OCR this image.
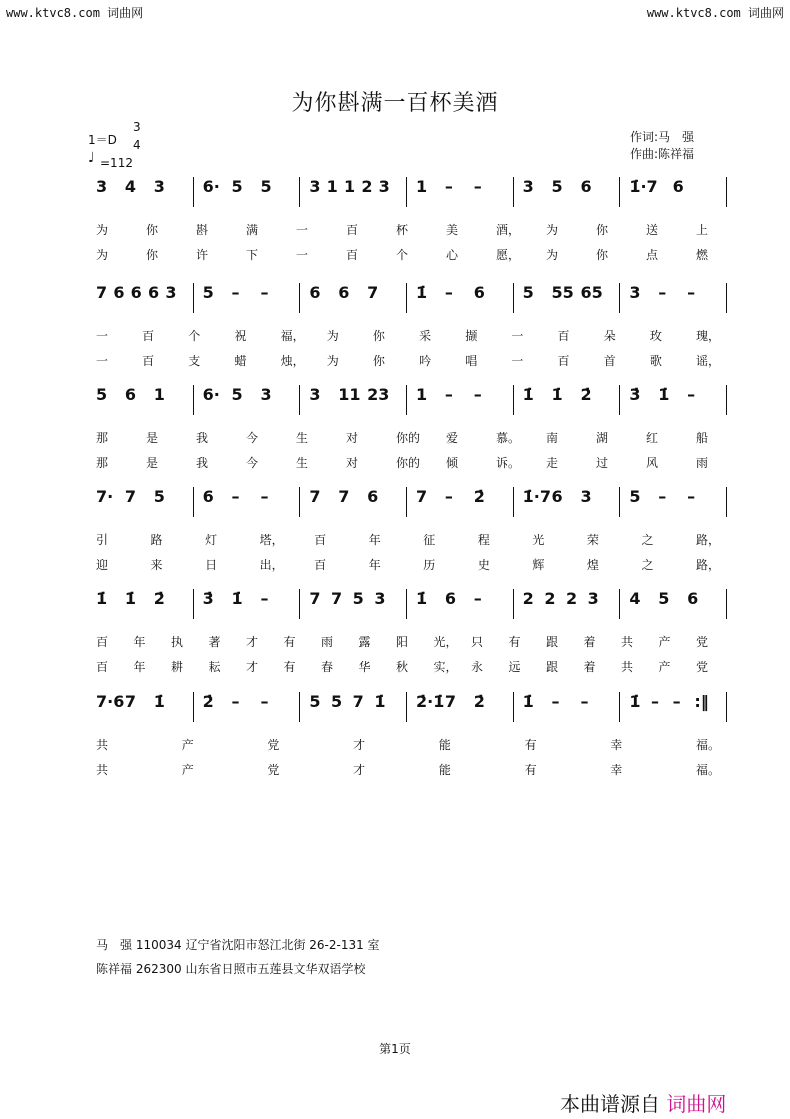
www.ktvc8.com 词曲网	www.ktvc8.com 词曲网
为你斟满一百杯美酒
1＝D
3
4
♩ =112
作词:马　强
作曲:陈祥福
3 4 3 6· 5 5 3 1 1 2 3 1 – –	3 5 6 1̇·7 6
为	你	斟	满	一	百	杯	美	酒， 为	你	送	上
为	你	许	下	一	百	个	心	愿， 为	你	点	燃
7 6 6 6 3 5 – –	6 6 7 1̇ – 6 5 55 65 3 – –
一	百	个	祝	福， 为	你	采	撷	一	百	朵	玫	瑰，
一	百	支	蜡	烛， 为	你	吟	唱	一	百	首	歌	谣，
5 6 1 6· 5 3 3 11 23 1 – –	1̇ 1̇ 2̇ 3̇ 1̇ –
那	是	我	今	生	对	你的 爱	慕。 南	湖	红	船
那	是	我	今	生	对	你的 倾	诉。 走	过	风	雨
7· 7 5 6 – –	7 7 6 7 – 2̇ 1̇·7 6 3 5 – –
引	路	灯	塔，	百	年	征	程	光	荣	之	路，
迎	来	日	出，	百	年	历	史	辉	煌	之	路，
1̇ 1̇ 2̇ 3̇ 1̇ –	7 7 5 3 1̇ 6 –	2 2 2 3 4 5 6
百 年 执 著 才 有 雨 露 阳 光， 只 有 跟 着 共 产 党
百 年 耕 耘 才 有 春 华 秋 实， 永 远 跟 着 共 产 党
7·6 7 1̇ 2̇ – –	5 5 7 1̇ 2̇·1̇ 7 2̇ 1̇ – –	1̇ – – :‖
共	产	党	才	能	有	幸	福。
共	产	党	才	能	有	幸	福。
马　强 110034 辽宁省沈阳市怒江北街 26-2-131 室
陈祥福 262300 山东省日照市五莲县文华双语学校
第1页
本曲谱源自 词曲网
